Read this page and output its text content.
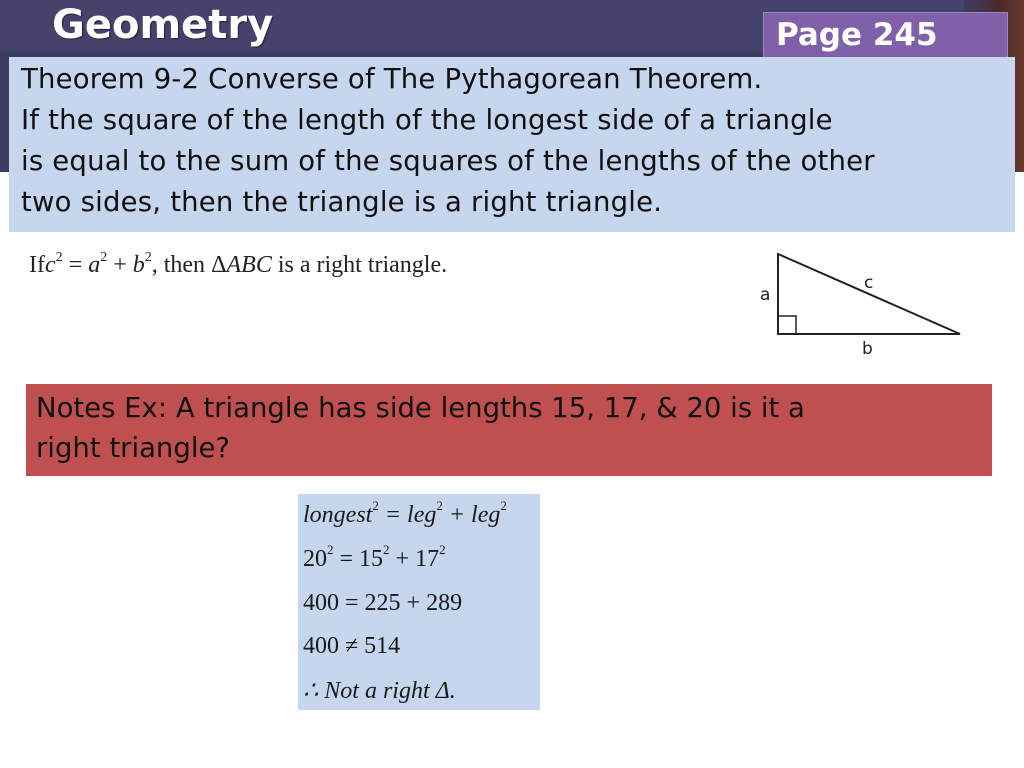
Geometry	Page 245

Theorem 9-2 Converse of The Pythagorean Theorem.

If the square of the length of the longest side of a triangle

is equal to the sum of the squares of the lengths of the other

two sides, then the triangle is a right triangle.

$Ifc^2 = a^2 + b^2$, then ΔABC is a right triangle.
a
b
c

Notes Ex: A triangle has side lengths 15, 17, & 20 is it a

right triangle?

longest$^2$ = leg$^2$ + leg$^2$
$20^2 = 15^2 + 17^2$
400 = 225 + 289
400 ≠ 514
∴ Not a right Δ.
